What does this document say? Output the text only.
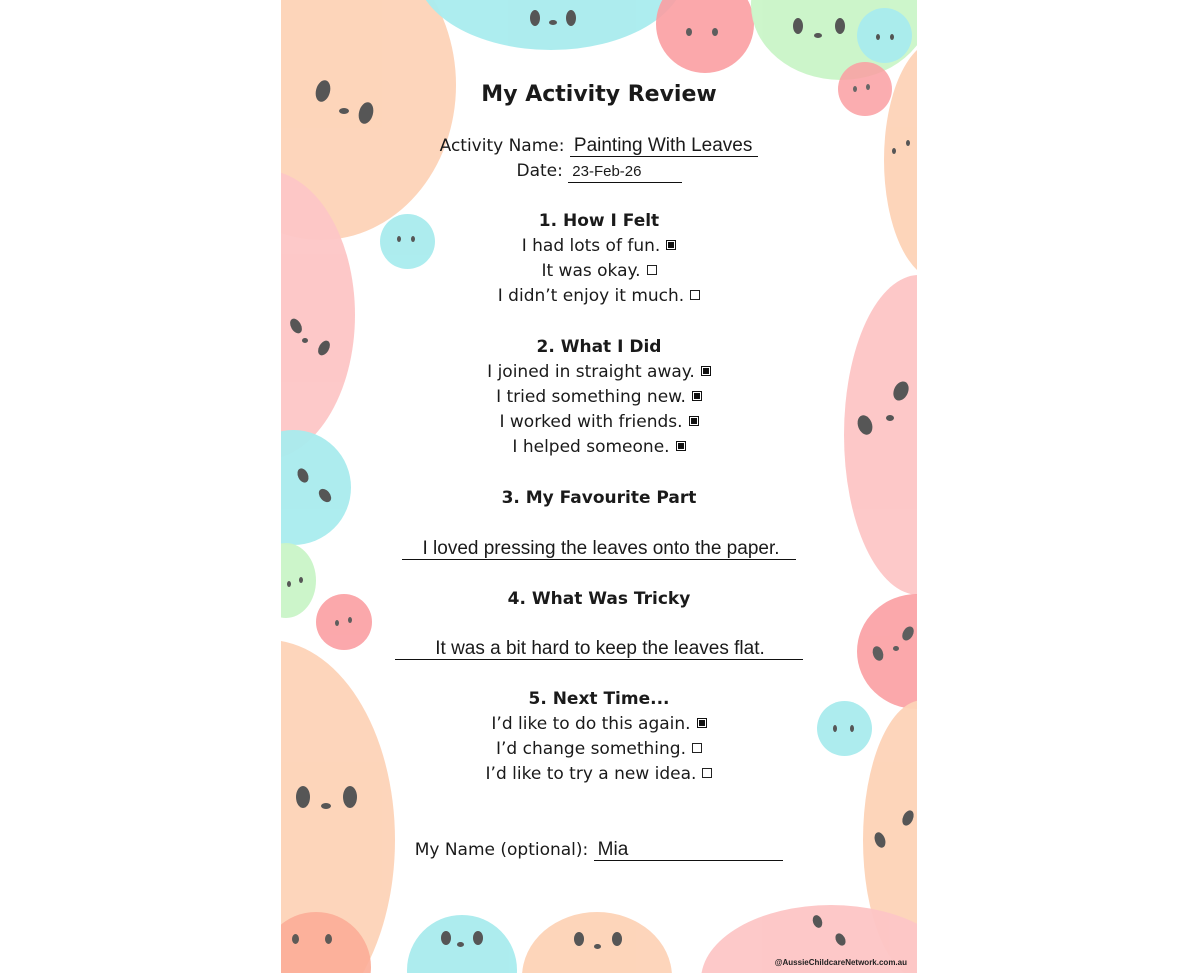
My Activity Review
Activity Name: Painting With Leaves
Date: 23-Feb-26
1. How I Felt
I had lots of fun.
It was okay.
I didn’t enjoy it much.
2. What I Did
I joined in straight away.
I tried something new.
I worked with friends.
I helped someone.
3. My Favourite Part
I loved pressing the leaves onto the paper.
4. What Was Tricky
It was a bit hard to keep the leaves flat.
5. Next Time...
I’d like to do this again.
I’d change something.
I’d like to try a new idea.
My Name (optional): Mia
@AussieChildcareNetwork.com.au
